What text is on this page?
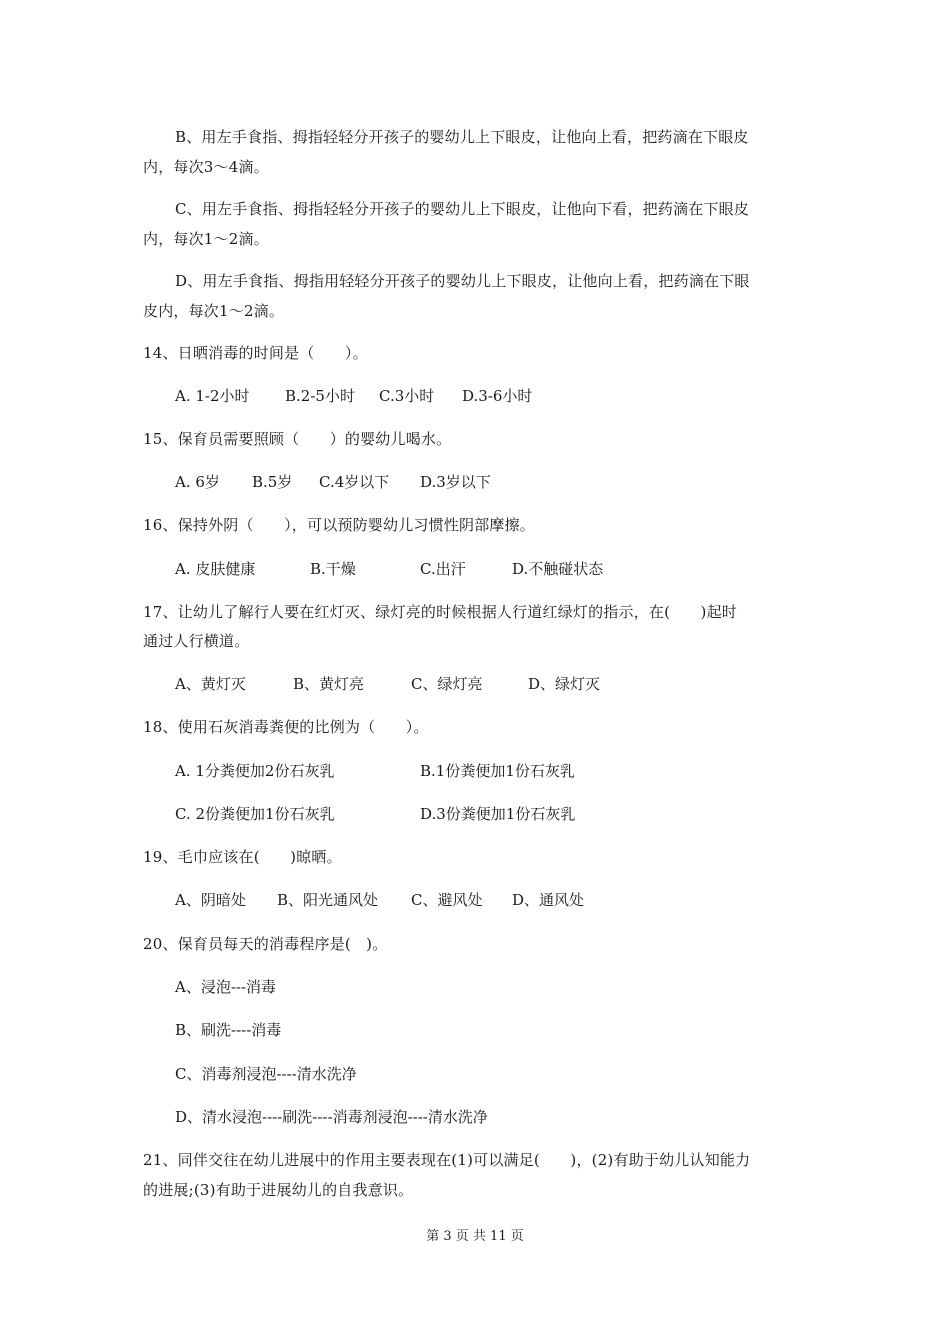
B、用左手食指、拇指轻轻分开孩子的婴幼儿上下眼皮，让他向上看，把药滴在下眼皮
内，每次3～4滴。
C、用左手食指、拇指轻轻分开孩子的婴幼儿上下眼皮，让他向下看，把药滴在下眼皮
内，每次1～2滴。
D、用左手食指、拇指用轻轻分开孩子的婴幼儿上下眼皮，让他向上看，把药滴在下眼
皮内，每次1～2滴。
14、日晒消毒的时间是（　　）。
A. 1-2小时 B.2-5小时 C.3小时 D.3-6小时
15、保育员需要照顾（　　）的婴幼儿喝水。
A. 6岁 B.5岁 C.4岁以下 D.3岁以下
16、保持外阴（　　），可以预防婴幼儿习惯性阴部摩擦。
A. 皮肤健康	B.干燥	C.出汗	D.不触碰状态
17、让幼儿了解行人要在红灯灭、绿灯亮的时候根据人行道红绿灯的指示，在(　　)起时
通过人行横道。
A、黄灯灭	B、黄灯亮	C、绿灯亮	D、绿灯灭
18、使用石灰消毒粪便的比例为（　　）。
A. 1分粪便加2份石灰乳	B.1份粪便加1份石灰乳
C. 2份粪便加1份石灰乳	D.3份粪便加1份石灰乳
19、毛巾应该在(　　)晾晒。
A、阴暗处 B、阳光通风处 C、避风处 D、通风处
20、保育员每天的消毒程序是(　)。
A、浸泡---消毒
B、刷洗----消毒
C、消毒剂浸泡----清水洗净
D、清水浸泡----刷洗----消毒剂浸泡----清水洗净
21、同伴交往在幼儿进展中的作用主要表现在(1)可以满足(　　)，(2)有助于幼儿认知能力
的进展;(3)有助于进展幼儿的自我意识。
第 3 页 共 11 页
